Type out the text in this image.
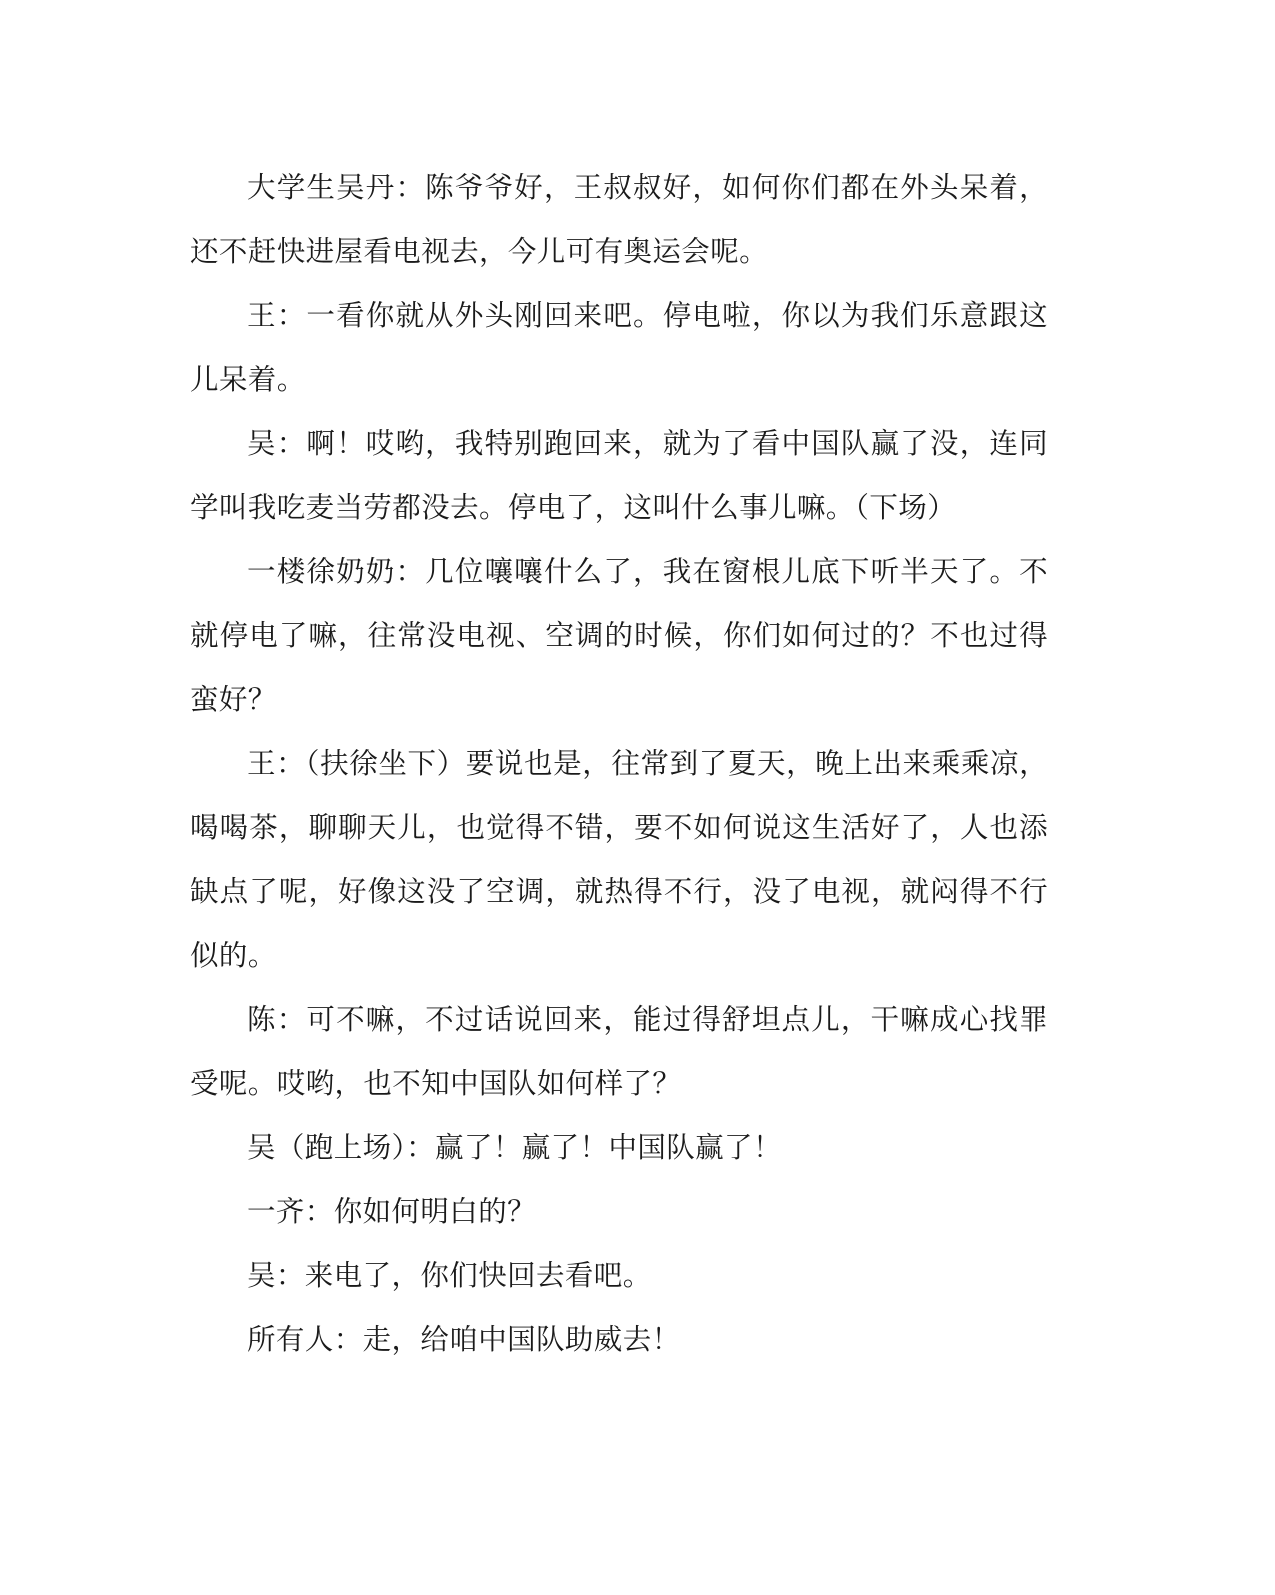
大学生吴丹：陈爷爷好，王叔叔好，如何你们都在外头呆着，还不赶快进屋看电视去，今儿可有奥运会呢。

王：一看你就从外头刚回来吧。停电啦，你以为我们乐意跟这儿呆着。

吴：啊！哎哟，我特别跑回来，就为了看中国队赢了没，连同学叫我吃麦当劳都没去。停电了，这叫什么事儿嘛。（下场）

一楼徐奶奶：几位嚷嚷什么了，我在窗根儿底下听半天了。不就停电了嘛，往常没电视、空调的时候，你们如何过的？不也过得蛮好？

王：（扶徐坐下）要说也是，往常到了夏天，晚上出来乘乘凉，喝喝茶，聊聊天儿，也觉得不错，要不如何说这生活好了，人也添缺点了呢，好像这没了空调，就热得不行，没了电视，就闷得不行似的。

陈：可不嘛，不过话说回来，能过得舒坦点儿，干嘛成心找罪受呢。哎哟，也不知中国队如何样了？

吴（跑上场）：赢了！赢了！中国队赢了！

一齐：你如何明白的？

吴：来电了，你们快回去看吧。

所有人：走，给咱中国队助威去！
